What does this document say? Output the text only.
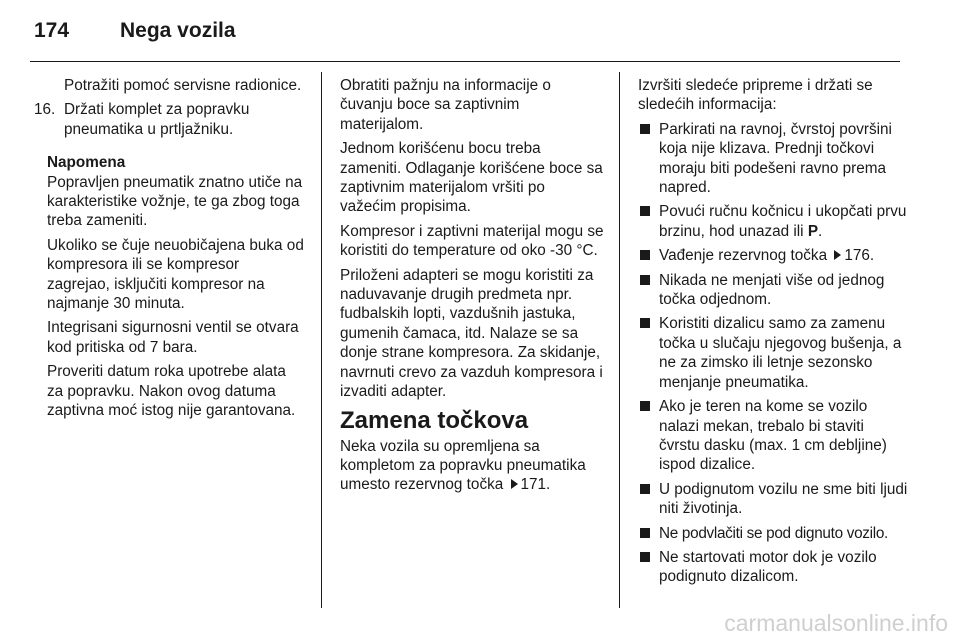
174 Nega vozila

Potražiti pomoć servisne radionice.

16. Držati komplet za popravku pneumatika u prtljažniku.

Napomena

Popravljen pneumatik znatno utiče na karakteristike vožnje, te ga zbog toga treba zameniti.

Ukoliko se čuje neuobičajena buka od kompresora ili se kompresor zagrejao, isključiti kompresor na najmanje 30 minuta.

Integrisani sigurnosni ventil se otvara kod pritiska od 7 bara.

Proveriti datum roka upotrebe alata za popravku. Nakon ovog datuma zaptivna moć istog nije garantovana.

Obratiti pažnju na informacije o čuvanju boce sa zaptivnim materijalom.

Jednom korišćenu bocu treba zameniti. Odlaganje korišćene boce sa zaptivnim materijalom vršiti po važećim propisima.

Kompresor i zaptivni materijal mogu se koristiti do temperature od oko -30 °C.

Priloženi adapteri se mogu koristiti za naduvavanje drugih predmeta npr. fudbalskih lopti, vazdušnih jastuka, gumenih čamaca, itd. Nalaze se sa donje strane kompresora. Za skidanje, navrnuti crevo za vazduh kompresora i izvaditi adapter.

Zamena točkova

Neka vozila su opremljena sa kompletom za popravku pneumatika umesto rezervnog točka 171.

Izvršiti sledeće pripreme i držati se sledećih informacija:

Parkirati na ravnoj, čvrstoj površini koja nije klizava. Prednji točkovi moraju biti podešeni ravno prema napred.
Povući ručnu kočnicu i ukopčati prvu brzinu, hod unazad ili P.
Vađenje rezervnog točka 176.
Nikada ne menjati više od jednog točka odjednom.
Koristiti dizalicu samo za zamenu točka u slučaju njegovog bušenja, a ne za zimsko ili letnje sezonsko menjanje pneumatika.
Ako je teren na kome se vozilo nalazi mekan, trebalo bi staviti čvrstu dasku (max. 1 cm debljine) ispod dizalice.
U podignutom vozilu ne sme biti ljudi niti životinja.
Ne podvlačiti se pod dignuto vozilo.
Ne startovati motor dok je vozilo podignuto dizalicom.
carmanualsonline.info
